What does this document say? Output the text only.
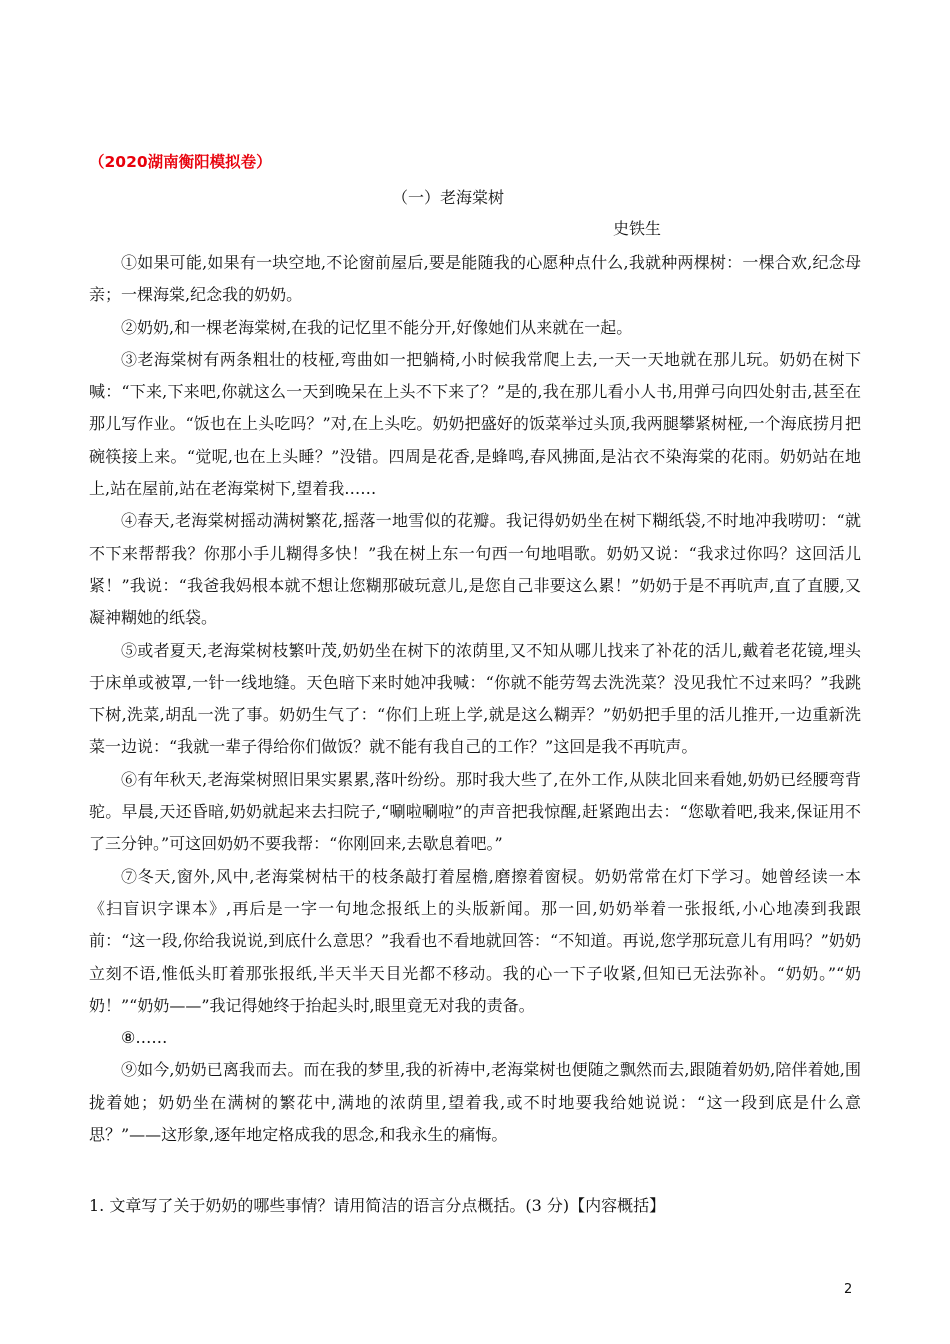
（2020湖南衡阳模拟卷）
（一）老海棠树
史铁生

①如果可能,如果有一块空地,不论窗前屋后,要是能随我的心愿种点什么,我就种两棵树：一棵合欢,纪念母亲；一棵海棠,纪念我的奶奶。

②奶奶,和一棵老海棠树,在我的记忆里不能分开,好像她们从来就在一起。

③老海棠树有两条粗壮的枝桠,弯曲如一把躺椅,小时候我常爬上去,一天一天地就在那儿玩。奶奶在树下喊：“下来,下来吧,你就这么一天到晚呆在上头不下来了？”是的,我在那儿看小人书,用弹弓向四处射击,甚至在那儿写作业。“饭也在上头吃吗？”对,在上头吃。奶奶把盛好的饭菜举过头顶,我两腿攀紧树桠,一个海底捞月把碗筷接上来。“觉呢,也在上头睡？”没错。四周是花香,是蜂鸣,春风拂面,是沾衣不染海棠的花雨。奶奶站在地上,站在屋前,站在老海棠树下,望着我……

④春天,老海棠树摇动满树繁花,摇落一地雪似的花瓣。我记得奶奶坐在树下糊纸袋,不时地冲我唠叨：“就不下来帮帮我？你那小手儿糊得多快！”我在树上东一句西一句地唱歌。奶奶又说：“我求过你吗？这回活儿紧！”我说：“我爸我妈根本就不想让您糊那破玩意儿,是您自己非要这么累！”奶奶于是不再吭声,直了直腰,又凝神糊她的纸袋。

⑤或者夏天,老海棠树枝繁叶茂,奶奶坐在树下的浓荫里,又不知从哪儿找来了补花的活儿,戴着老花镜,埋头于床单或被罩,一针一线地缝。天色暗下来时她冲我喊：“你就不能劳驾去洗洗菜？没见我忙不过来吗？”我跳下树,洗菜,胡乱一洗了事。奶奶生气了：“你们上班上学,就是这么糊弄？”奶奶把手里的活儿推开,一边重新洗菜一边说：“我就一辈子得给你们做饭？就不能有我自己的工作？”这回是我不再吭声。

⑥有年秋天,老海棠树照旧果实累累,落叶纷纷。那时我大些了,在外工作,从陕北回来看她,奶奶已经腰弯背驼。早晨,天还昏暗,奶奶就起来去扫院子,“唰啦唰啦”的声音把我惊醒,赶紧跑出去：“您歇着吧,我来,保证用不了三分钟。”可这回奶奶不要我帮：“你刚回来,去歇息着吧。”

⑦冬天,窗外,风中,老海棠树枯干的枝条敲打着屋檐,磨擦着窗棂。奶奶常常在灯下学习。她曾经读一本《扫盲识字课本》,再后是一字一句地念报纸上的头版新闻。那一回,奶奶举着一张报纸,小心地凑到我跟前：“这一段,你给我说说,到底什么意思？”我看也不看地就回答：“不知道。再说,您学那玩意儿有用吗？”奶奶立刻不语,惟低头盯着那张报纸,半天半天目光都不移动。我的心一下子收紧,但知已无法弥补。“奶奶。”“奶奶！”“奶奶——”我记得她终于抬起头时,眼里竟无对我的责备。

⑧……

⑨如今,奶奶已离我而去。而在我的梦里,我的祈祷中,老海棠树也便随之飘然而去,跟随着奶奶,陪伴着她,围拢着她；奶奶坐在满树的繁花中,满地的浓荫里,望着我,或不时地要我给她说说：“这一段到底是什么意思？”——这形象,逐年地定格成我的思念,和我永生的痛悔。

1. 文章写了关于奶奶的哪些事情？请用简洁的语言分点概括。(3 分)【内容概括】
2
